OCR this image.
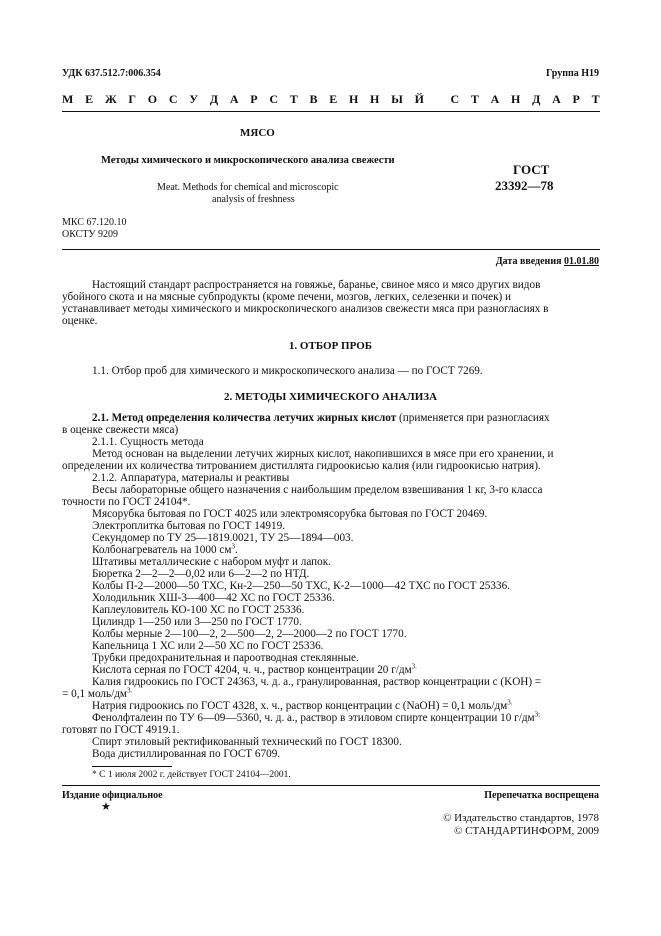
УДК 637.512.7:006.354	Группа Н19
М Е Ж Г О С У Д А Р С Т В Е Н Н Ы Й
С Т А Н Д А Р Т
МЯСО
Методы химического и микроскопического анализа свежести
Meat. Methods for chemical and microscopic
analysis of freshness
ГОСТ
23392—78
МКС 67.120.10
ОКСТУ 9209
Дата введения 01.01.80
Настоящий стандарт распространяется на говяжье, баранье, свиное мясо и мясо других видов
убойного скота и на мясные субпродукты (кроме печени, мозгов, легких, селезенки и почек) и
устанавливает методы химического и микроскопического анализов свежести мяса при разногласиях в
оценке.
1. ОТБОР ПРОБ
1.1. Отбор проб для химического и микроскопического анализа — по ГОСТ 7269.
2. МЕТОДЫ ХИМИЧЕСКОГО АНАЛИЗА
2.1. Метод определения количества летучих жирных кислот (применяется при разногласиях
в оценке свежести мяса)
2.1.1. Сущность метода
Метод основан на выделении летучих жирных кислот, накопившихся в мясе при его хранении, и
определении их количества титрованием дистиллята гидроокисью калия (или гидроокисью натрия).
2.1.2. Аппаратура, материалы и реактивы
Весы лабораторные общего назначения с наибольшим пределом взвешивания 1 кг, 3-го класса
точности по ГОСТ 24104*.
Мясорубка бытовая по ГОСТ 4025 или электромясорубка бытовая по ГОСТ 20469.
Электроплитка бытовая по ГОСТ 14919.
Секундомер по ТУ 25—1819.0021, ТУ 25—1894—003.
Колбонагреватель на 1000 $см^3$.
Штативы металлические с набором муфт и лапок.
Бюретка 2—2—2—0,02 или 6—2—2 по НТД.
Колбы П-2—2000—50 ТХС, Кн-2—250—50 ТХС, К-2—1000—42 ТХС по ГОСТ 25336.
Холодильник ХШ-3—400—42 ХС по ГОСТ 25336.
Каплеуловитель КО-100 ХС по ГОСТ 25336.
Цилиндр 1—250 или 3—250 по ГОСТ 1770.
Колбы мерные 2—100—2, 2—500—2, 2—2000—2 по ГОСТ 1770.
Капельница 1 ХС или 2—50 ХС по ГОСТ 25336.
Трубки предохранительная и пароотводная стеклянные.
Кислота серная по ГОСТ 4204, ч. ч., раствор концентрации 20 $г/дм^{3.}$
Калия гидроокись по ГОСТ 24363, ч. д. а., гранулированная, раствор концентрации с (KOH) =
= 0,1 моль/$дм^{3.}$
Натрия гидроокись по ГОСТ 4328, х. ч., раствор концентрации с (NaOH) = 0,1 моль/$дм^{3.}$
Фенолфталеин по ТУ 6—09—5360, ч. д. а., раствор в этиловом спирте концентрации 10 $г/дм^{3;}$
готовят по ГОСТ 4919.1.
Спирт этиловый ректификованный технический по ГОСТ 18300.
Вода дистиллированная по ГОСТ 6709.
* С 1 июля 2002 г. действует ГОСТ 24104—2001.
Издание официальное
★
Перепечатка воспрещена
© Издательство стандартов, 1978
© СТАНДАРТИНФОРМ, 2009
